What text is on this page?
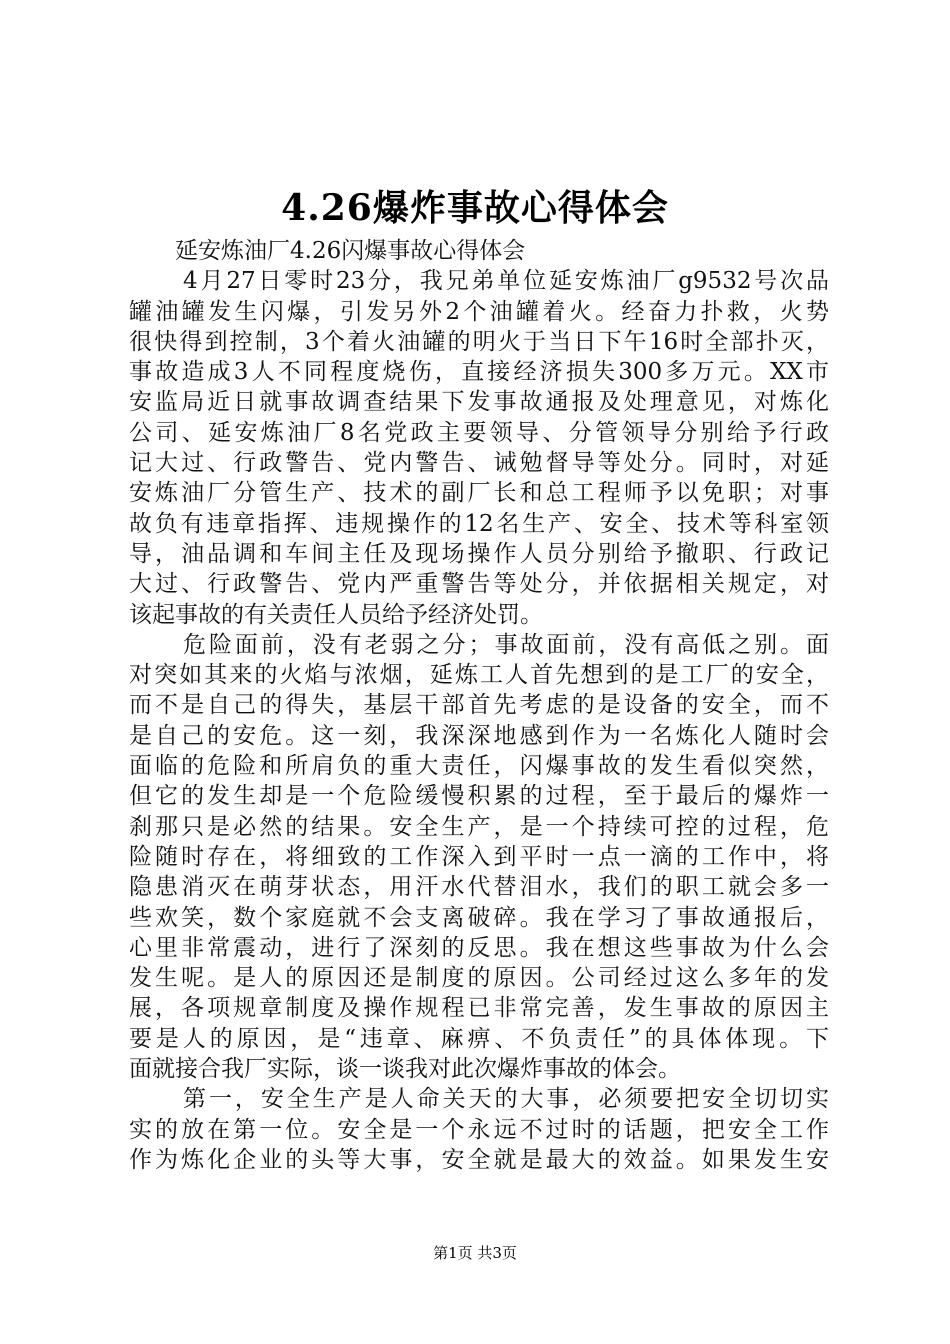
4.26爆炸事故心得体会
延安炼油厂4.26闪爆事故心得体会
4月27日零时23分，我兄弟单位延安炼油厂g9532号次品
罐油罐发生闪爆，引发另外2个油罐着火。经奋力扑救，火势
很快得到控制，3个着火油罐的明火于当日下午16时全部扑灭，
事故造成3人不同程度烧伤，直接经济损失300多万元。XX市
安监局近日就事故调查结果下发事故通报及处理意见，对炼化
公司、延安炼油厂8名党政主要领导、分管领导分别给予行政
记大过、行政警告、党内警告、诫勉督导等处分。同时，对延
安炼油厂分管生产、技术的副厂长和总工程师予以免职；对事
故负有违章指挥、违规操作的12名生产、安全、技术等科室领
导，油品调和车间主任及现场操作人员分别给予撤职、行政记
大过、行政警告、党内严重警告等处分，并依据相关规定，对
该起事故的有关责任人员给予经济处罚。
危险面前，没有老弱之分；事故面前，没有高低之别。面
对突如其来的火焰与浓烟，延炼工人首先想到的是工厂的安全，
而不是自己的得失，基层干部首先考虑的是设备的安全，而不
是自己的安危。这一刻，我深深地感到作为一名炼化人随时会
面临的危险和所肩负的重大责任，闪爆事故的发生看似突然，
但它的发生却是一个危险缓慢积累的过程，至于最后的爆炸一
刹那只是必然的结果。安全生产，是一个持续可控的过程，危
险随时存在，将细致的工作深入到平时一点一滴的工作中，将
隐患消灭在萌芽状态，用汗水代替泪水，我们的职工就会多一
些欢笑，数个家庭就不会支离破碎。我在学习了事故通报后，
心里非常震动，进行了深刻的反思。我在想这些事故为什么会
发生呢。是人的原因还是制度的原因。公司经过这么多年的发
展，各项规章制度及操作规程已非常完善，发生事故的原因主
要是人的原因，是“违章、麻痹、不负责任”的具体体现。下
面就接合我厂实际，谈一谈我对此次爆炸事故的体会。
第一，安全生产是人命关天的大事，必须要把安全切切实
实的放在第一位。安全是一个永远不过时的话题，把安全工作
作为炼化企业的头等大事，安全就是最大的效益。如果发生安
第1页 共3页
